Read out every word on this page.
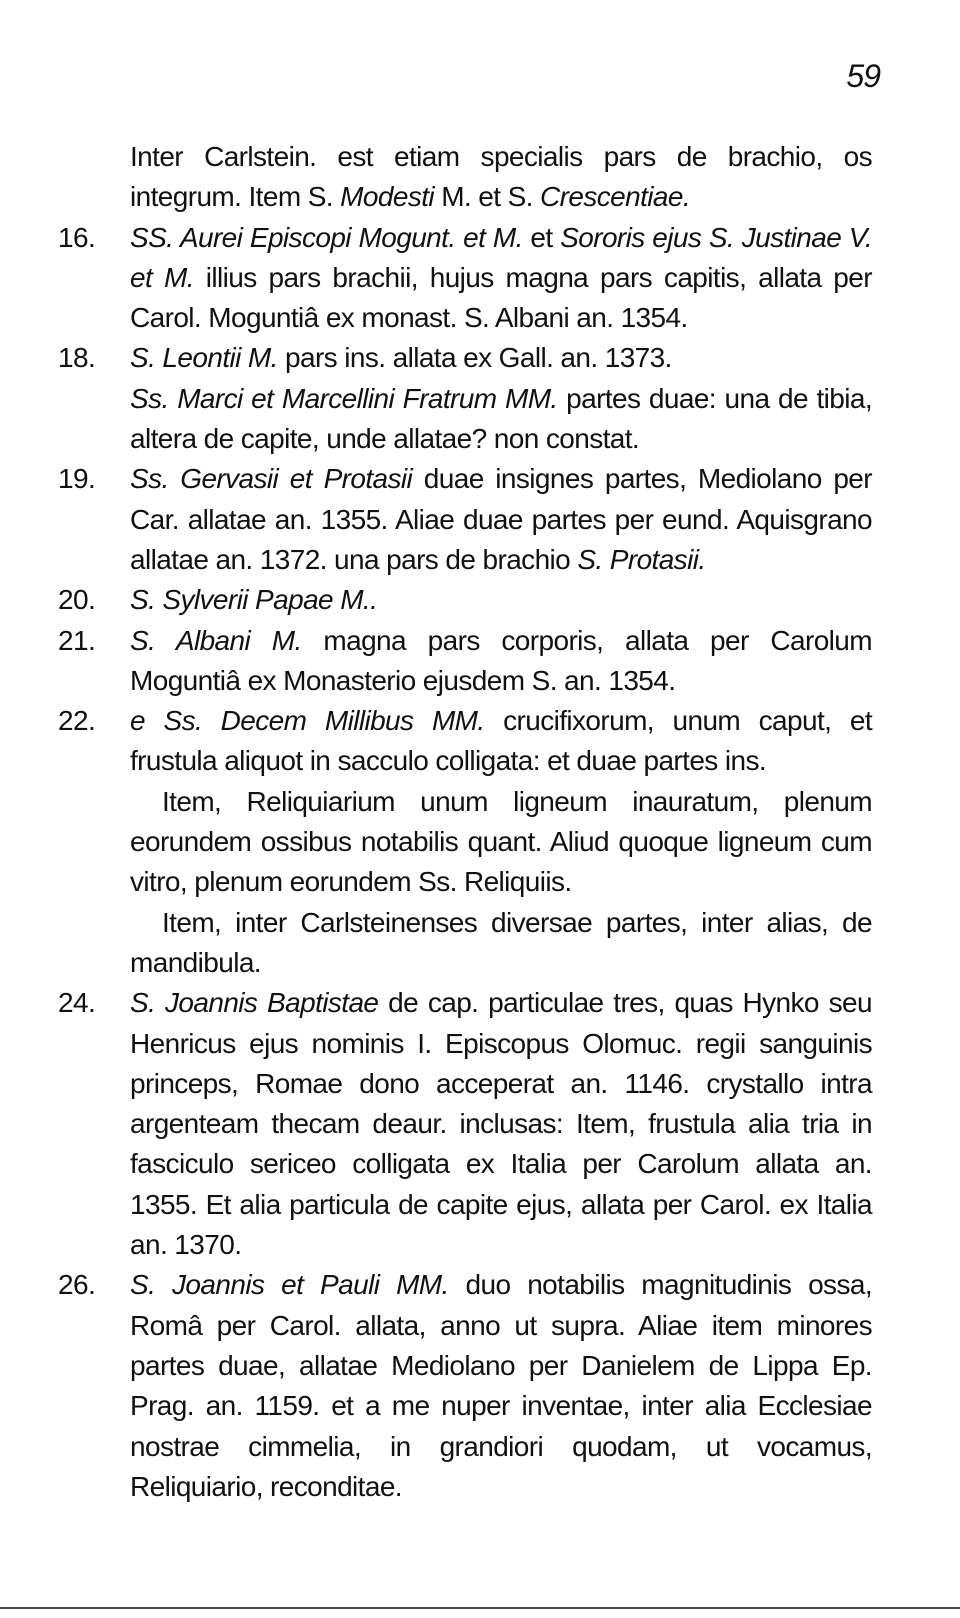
59

Inter Carlstein. est etiam specialis pars de brachio, os integrum. Item S. Modesti M. et S. Crescentiae.

16.	SS. Aurei Episcopi Mogunt. et M. et Sororis ejus S. Justinae V. et M. illius pars brachii, hujus magna pars capitis, allata per Carol. Moguntiâ ex monast. S. Albani an. 1354.

18.	S. Leontii M. pars ins. allata ex Gall. an. 1373.
Ss. Marci et Marcellini Fratrum MM. partes duae: una de tibia, altera de capite, unde allatae? non constat.

19.	Ss. Gervasii et Protasii duae insignes partes, Mediolano per Car. allatae an. 1355. Aliae duae partes per eund. Aquisgrano allatae an. 1372. una pars de brachio S. Protasii.

20.	S. Sylverii Papae M..

21.	S. Albani M. magna pars corporis, allata per Carolum Moguntiâ ex Monasterio ejusdem S. an. 1354.

22.	e Ss. Decem Millibus MM. crucifixorum, unum caput, et frustula aliquot in sacculo colligata: et duae partes ins.

Item, Reliquiarium unum ligneum inauratum, plenum eorundem ossibus notabilis quant. Aliud quoque ligneum cum vitro, plenum eorundem Ss. Reliquiis.

Item, inter Carlsteinenses diversae partes, inter alias, de mandibula.

24.	S. Joannis Baptistae de cap. particulae tres, quas Hynko seu Henricus ejus nominis I. Episcopus Olomuc. regii sanguinis princeps, Romae dono acceperat an. 1146. crystallo intra argenteam thecam deaur. inclusas: Item, frustula alia tria in fasciculo sericeo colligata ex Italia per Carolum allata an. 1355. Et alia particula de capite ejus, allata per Carol. ex Italia an. 1370.

26.	S. Joannis et Pauli MM. duo notabilis magnitudinis ossa, Româ per Carol. allata, anno ut supra. Aliae item minores partes duae, allatae Mediolano per Danielem de Lippa Ep. Prag. an. 1159. et a me nuper inventae, inter alia Ecclesiae nostrae cimmelia, in grandiori quodam, ut vocamus, Reliquiario, reconditae.
